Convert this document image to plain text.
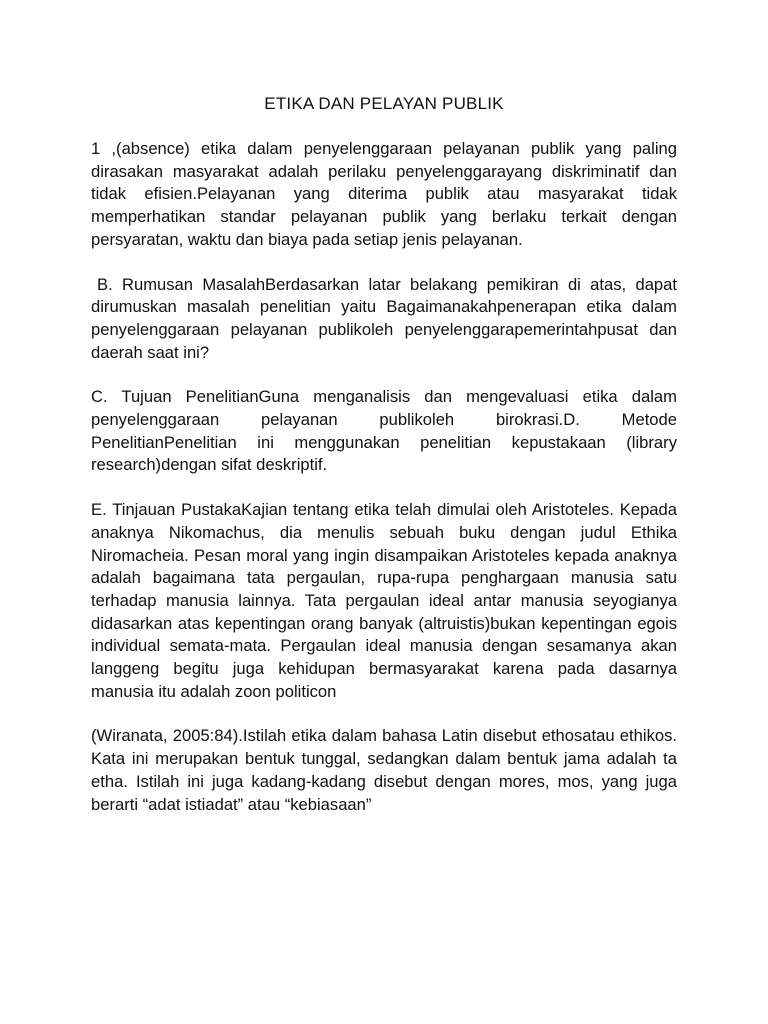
ETIKA DAN PELAYAN PUBLIK

1 ,(absence) etika dalam penyelenggaraan pelayanan publik yang paling dirasakan masyarakat adalah perilaku penyelenggarayang diskriminatif dan tidak efisien.Pelayanan yang diterima publik atau masyarakat tidak memperhatikan standar pelayanan publik yang berlaku terkait dengan persyaratan, waktu dan biaya pada setiap jenis pelayanan.

B. Rumusan MasalahBerdasarkan latar belakang pemikiran di atas, dapat dirumuskan masalah penelitian yaitu Bagaimanakahpenerapan etika dalam penyelenggaraan pelayanan publikoleh penyelenggarapemerintahpusat dan daerah saat ini?

C. Tujuan PenelitianGuna menganalisis dan mengevaluasi etika dalam penyelenggaraan pelayanan publikoleh birokrasi.D. Metode PenelitianPenelitian ini menggunakan penelitian kepustakaan (library research)dengan sifat deskriptif.

E. Tinjauan PustakaKajian tentang etika telah dimulai oleh Aristoteles. Kepada anaknya Nikomachus, dia menulis sebuah buku dengan judul Ethika Niromacheia. Pesan moral yang ingin disampaikan Aristoteles kepada anaknya adalah bagaimana tata pergaulan, rupa-rupa penghargaan manusia satu terhadap manusia lainnya. Tata pergaulan ideal antar manusia seyogianya didasarkan atas kepentingan orang banyak (altruistis)bukan kepentingan egois individual semata-mata. Pergaulan ideal manusia dengan sesamanya akan langgeng begitu juga kehidupan bermasyarakat karena pada dasarnya manusia itu adalah zoon politicon

(Wiranata, 2005:84).Istilah etika dalam bahasa Latin disebut ethosatau ethikos. Kata ini merupakan bentuk tunggal, sedangkan dalam bentuk jama adalah ta etha. Istilah ini juga kadang-kadang disebut dengan mores, mos, yang juga berarti “adat istiadat” atau “kebiasaan”
